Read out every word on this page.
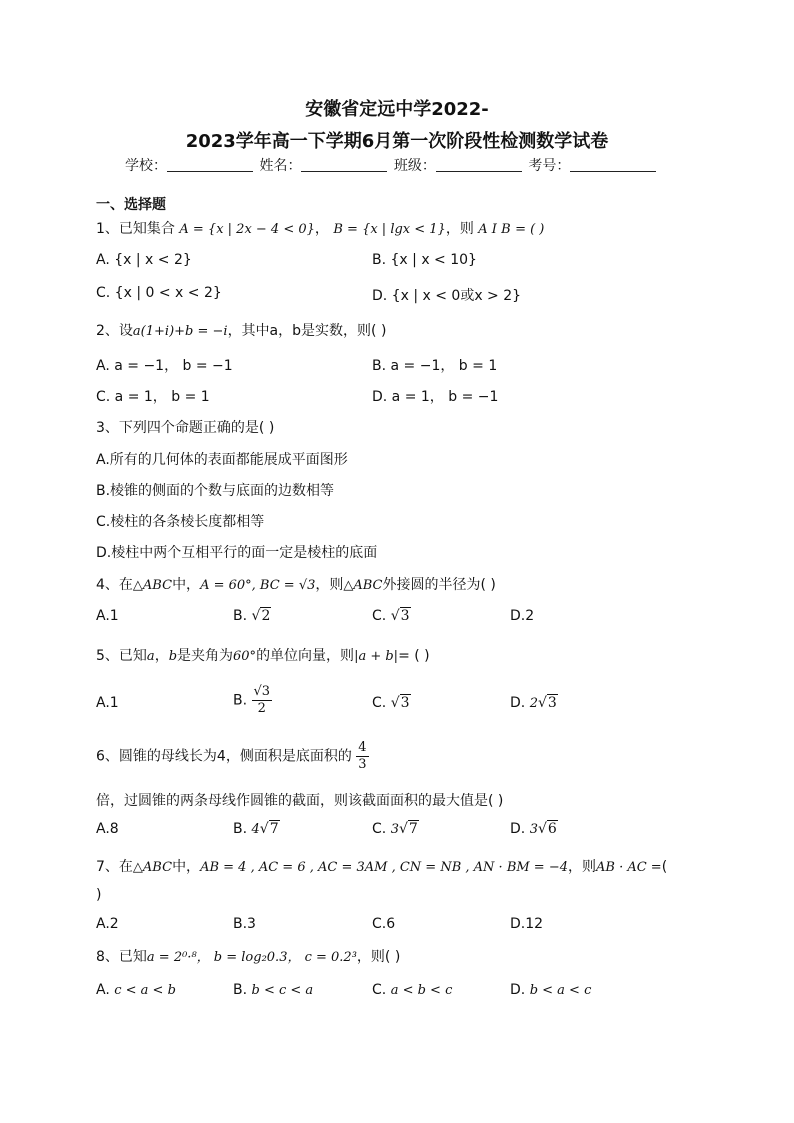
安徽省定远中学2022-
2023学年高一下学期6月第一次阶段性检测数学试卷
学校：	姓名：	班级：	考号：
一、选择题
1、已知集合 A = {x | 2x − 4 < 0}， B = {x | lgx < 1}，则 A I B = ( )
A. {x | x < 2}	B. {x | x < 10}
C. {x | 0 < x < 2}	D. {x | x < 0或x > 2}
2、设a(1+i)+b = −i，其中a，b是实数，则( )
A. a = −1， b = −1	B. a = −1， b = 1
C. a = 1， b = 1	D. a = 1， b = −1
3、下列四个命题正确的是( )
A.所有的几何体的表面都能展成平面图形
B.棱锥的侧面的个数与底面的边数相等
C.棱柱的各条棱长度都相等
D.棱柱中两个互相平行的面一定是棱柱的底面
4、在△ABC中，A = 60°, BC = √3，则△ABC外接圆的半径为( )
A.1	B. √2	C. √3	D.2
5、已知a，b是夹角为60°的单位向量，则|a + b|= ( )
A.1	B. $\frac{√3}{2}$	C. √3	D. 2√3
6、圆锥的母线长为4，侧面积是底面积的 $\frac{4}{3}$
倍，过圆锥的两条母线作圆锥的截面，则该截面面积的最大值是( )
A.8	B. 4√7	C. 3√7	D. 3√6
7、在△ABC中，AB = 4 , AC = 6 , AC = 3AM , CN = NB , AN · BM = −4，则AB · AC =(
)
A.2	B.3	C.6	D.12
8、已知a = 2⁰·⁸， b = log₂0.3， c = 0.2³，则( )
A. c < a < b	B. b < c < a	C. a < b < c	D. b < a < c
